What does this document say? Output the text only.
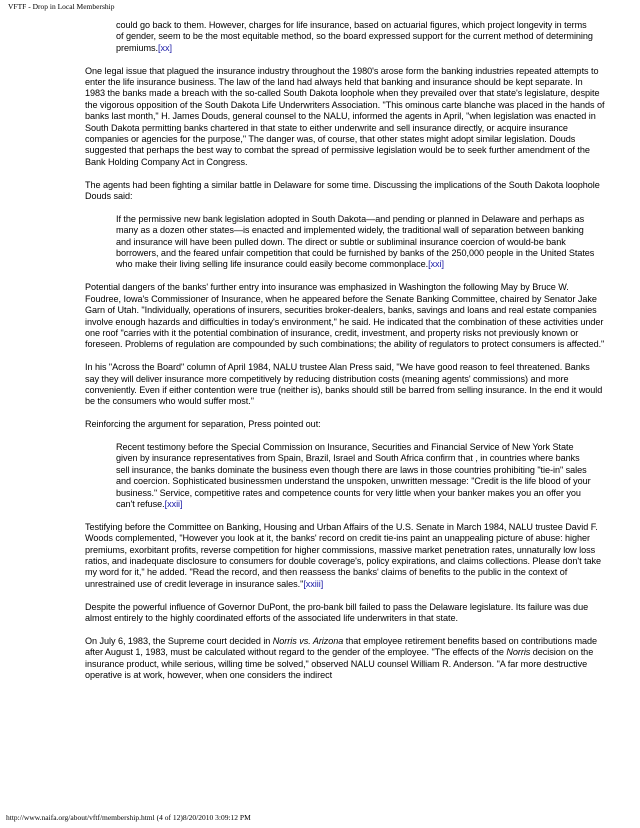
VFTF - Drop in Local Membership

could go back to them. However, charges for life insurance, based on actuarial figures, which project longevity in terms of gender, seem to be the most equitable method, so the board expressed support for the current method of determining premiums.[xx]

One legal issue that plagued the insurance industry throughout the 1980's arose form the banking industries repeated attempts to enter the life insurance business. The law of the land had always held that banking and insurance should be kept separate. In 1983 the banks made a breach with the so-called South Dakota loophole when they prevailed over that state's legislature, despite the vigorous opposition of the South Dakota Life Underwriters Association. "This ominous carte blanche was placed in the hands of banks last month," H. James Douds, general counsel to the NALU, informed the agents in April, "when legislation was enacted in South Dakota permitting banks chartered in that state to either underwrite and sell insurance directly, or acquire insurance companies or agencies for the purpose," The danger was, of course, that other states might adopt similar legislation. Douds suggested that perhaps the best way to combat the spread of permissive legislation would be to seek further amendment of the Bank Holding Company Act in Congress.

The agents had been fighting a similar battle in Delaware for some time. Discussing the implications of the South Dakota loophole Douds said:

If the permissive new bank legislation adopted in South Dakota—and pending or planned in Delaware and perhaps as many as a dozen other states—is enacted and implemented widely, the traditional wall of separation between banking and insurance will have been pulled down. The direct or subtle or subliminal insurance coercion of would-be bank borrowers, and the feared unfair competition that could be furnished by banks of the 250,000 people in the United States who make their living selling life insurance could easily become commonplace.[xxi]

Potential dangers of the banks' further entry into insurance was emphasized in Washington the following May by Bruce W. Foudree, Iowa's Commissioner of Insurance, when he appeared before the Senate Banking Committee, chaired by Senator Jake Garn of Utah. "Individually, operations of insurers, securities broker-dealers, banks, savings and loans and real estate companies involve enough hazards and difficulties in today's environment," he said. He indicated that the combination of these activities under one roof "carries with it the potential combination of insurance, credit, investment, and property risks not previously known or foreseen. Problems of regulation are compounded by such combinations; the ability of regulators to protect consumers is affected."

In his "Across the Board" column of April 1984, NALU trustee Alan Press said, "We have good reason to feel threatened. Banks say they will deliver insurance more competitively by reducing distribution costs (meaning agents' commissions) and more conveniently. Even if either contention were true (neither is), banks should still be barred from selling insurance. In the end it would be the consumers who would suffer most."

Reinforcing the argument for separation, Press pointed out:

Recent testimony before the Special Commission on Insurance, Securities and Financial Service of New York State given by insurance representatives from Spain, Brazil, Israel and South Africa confirm that , in countries where banks sell insurance, the banks dominate the business even though there are laws in those countries prohibiting "tie-in" sales and coercion. Sophisticated businessmen understand the unspoken, unwritten message: "Credit is the life blood of your business." Service, competitive rates and competence counts for very little when your banker makes you an offer you can't refuse.[xxii]

Testifying before the Committee on Banking, Housing and Urban Affairs of the U.S. Senate in March 1984, NALU trustee David F. Woods complemented, "However you look at it, the banks' record on credit tie-ins paint an unappealing picture of abuse: higher premiums, exorbitant profits, reverse competition for higher commissions, massive market penetration rates, unnaturally low loss ratios, and inadequate disclosure to consumers for double coverage's, policy expirations, and claims collections. Please don't take my word for it," he added. "Read the record, and then reassess the banks' claims of benefits to the public in the context of unrestrained use of credit leverage in insurance sales."[xxiii]

Despite the powerful influence of Governor DuPont, the pro-bank bill failed to pass the Delaware legislature. Its failure was due almost entirely to the highly coordinated efforts of the associated life underwriters in that state.

On July 6, 1983, the Supreme court decided in Norris vs. Arizona that employee retirement benefits based on contributions made after August 1, 1983, must be calculated without regard to the gender of the employee. "The effects of the Norris decision on the insurance product, while serious, willing time be solved," observed NALU counsel William R. Anderson. "A far more destructive operative is at work, however, when one considers the indirect

http://www.naifa.org/about/vftf/membership.html (4 of 12)8/20/2010 3:09:12 PM
